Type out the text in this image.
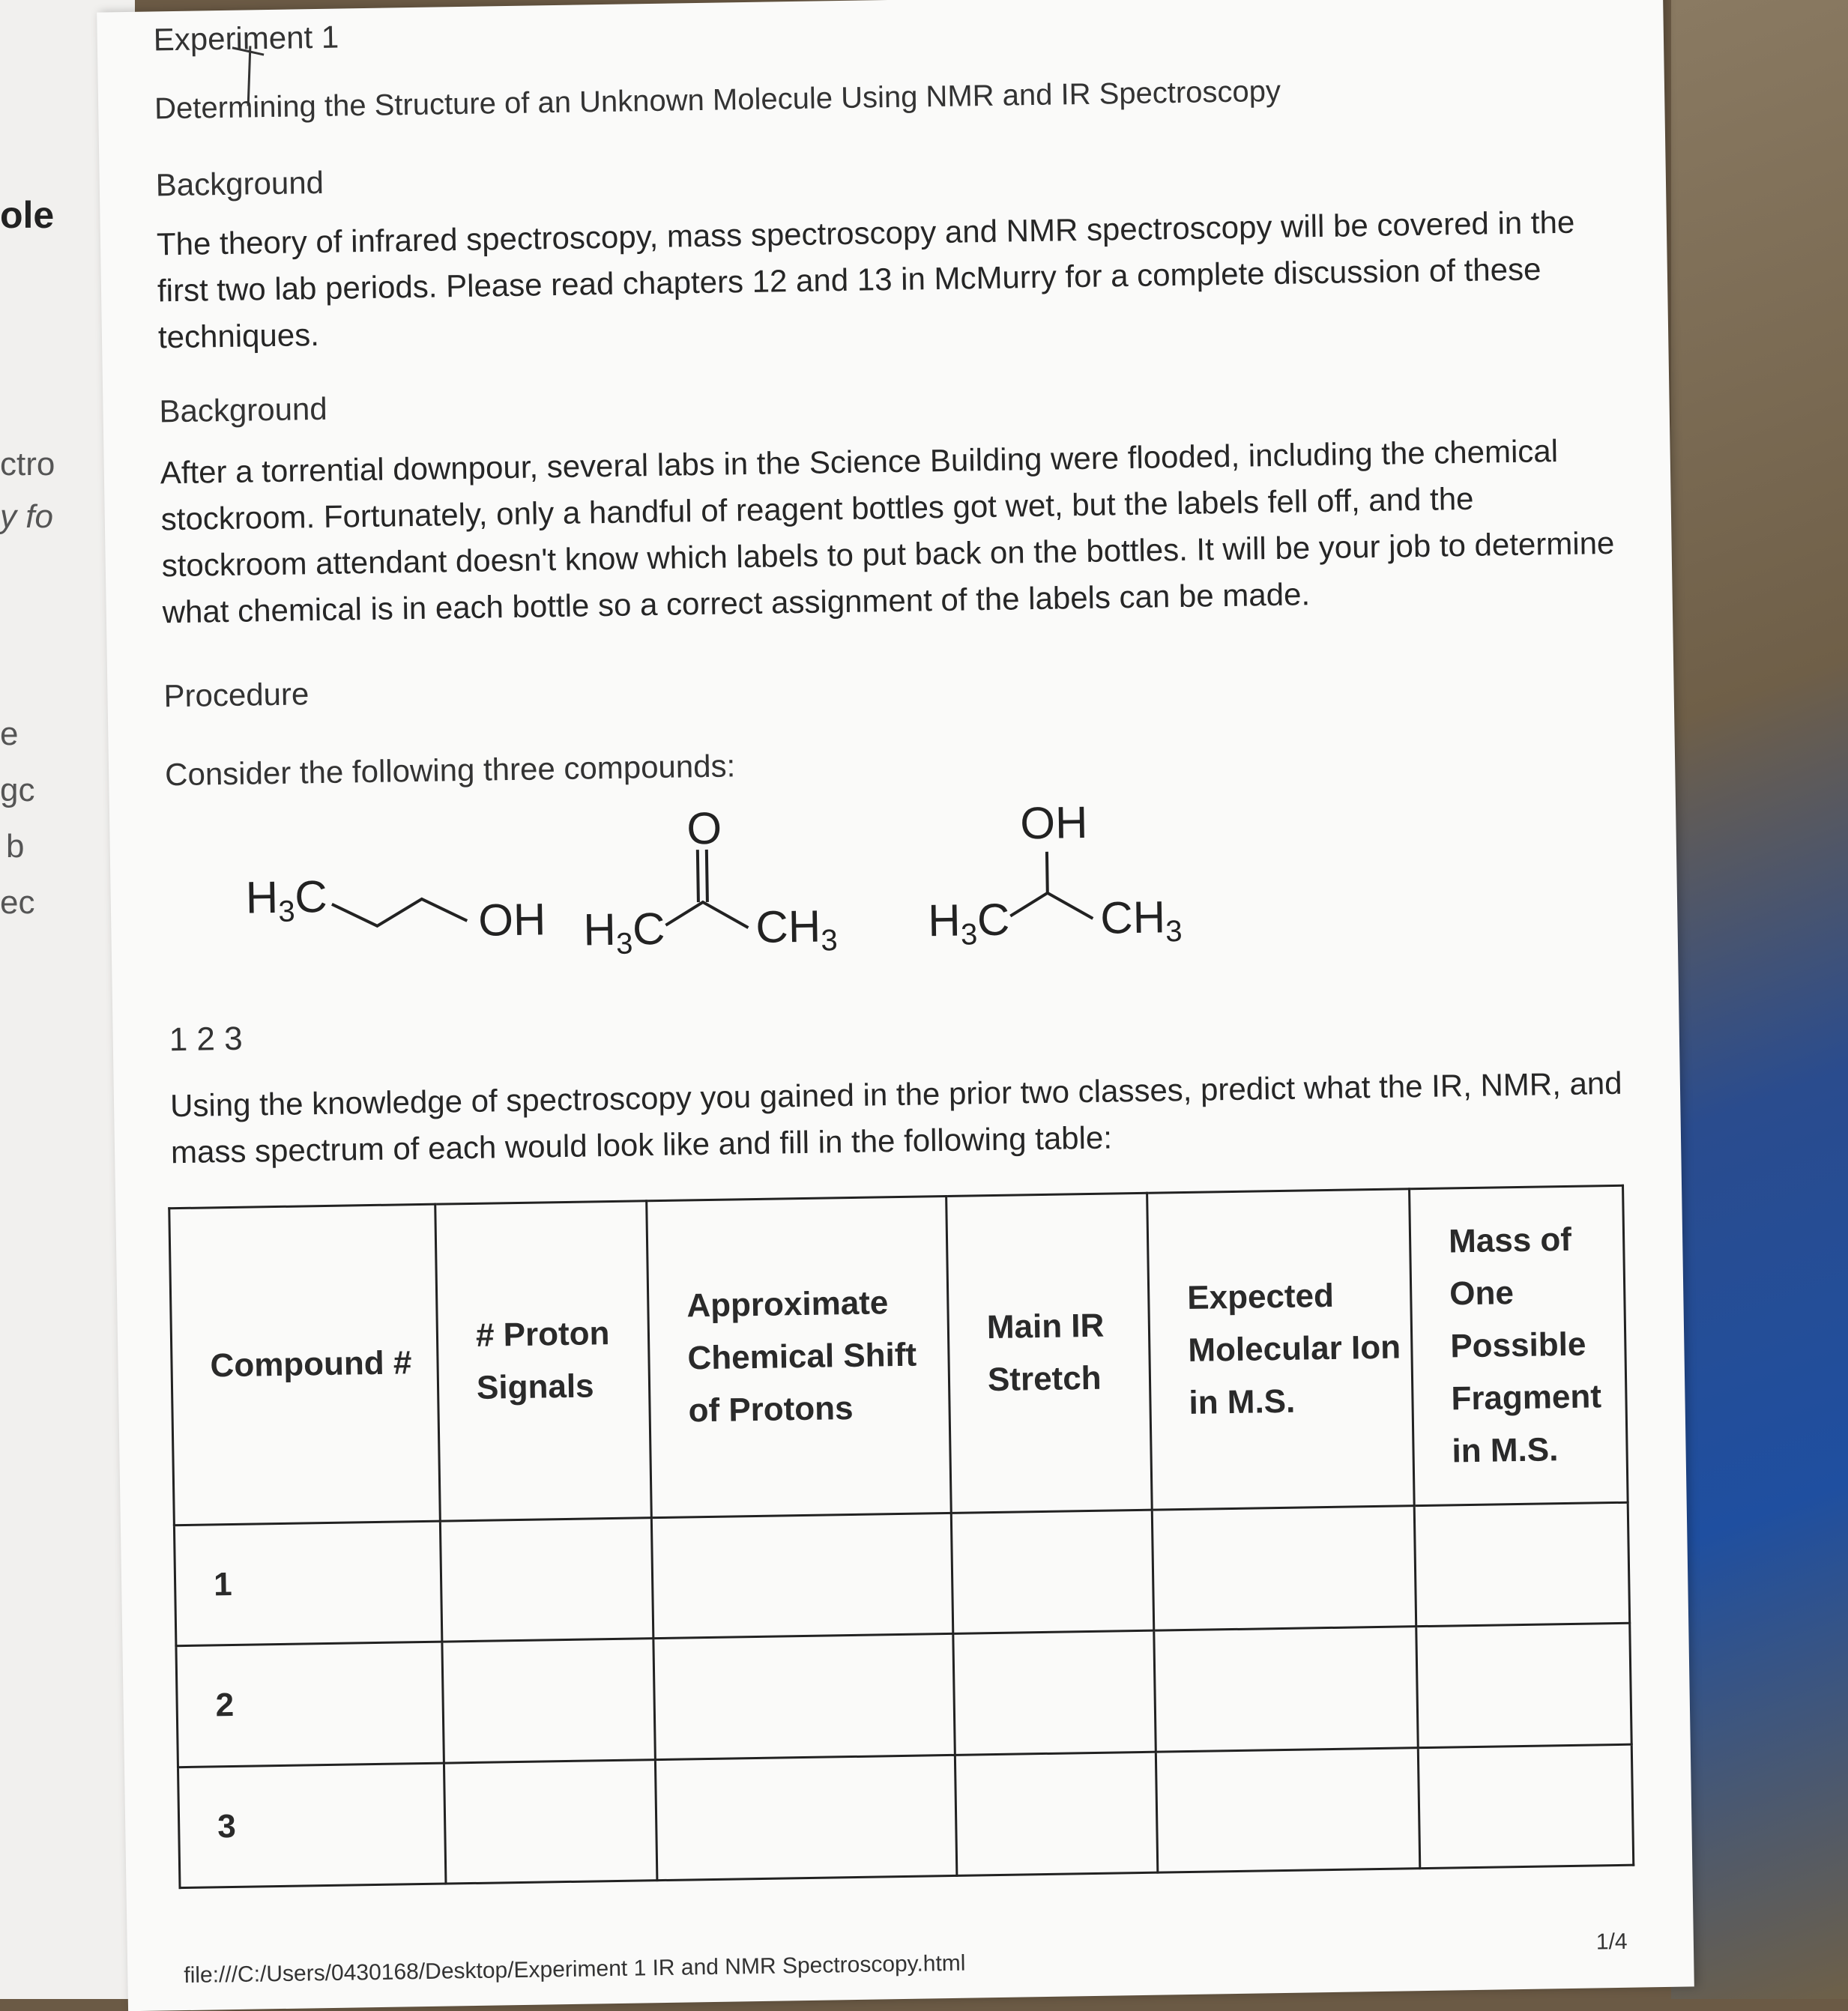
ole
ctro
y fo
e
gc
b
ec
Experiment 1
Determining the Structure of an Unknown Molecule Using NMR and IR Spectroscopy
Background
The theory of infrared spectroscopy, mass spectroscopy and NMR spectroscopy will be covered in the first two lab periods. Please read chapters 12 and 13 in McMurry for a complete discussion of these techniques.
Background
After a torrential downpour, several labs in the Science Building were flooded, including the chemical stockroom. Fortunately, only a handful of reagent bottles got wet, but the labels fell off, and the stockroom attendant doesn't know which labels to put back on the bottles. It will be your job to determine what chemical is in each bottle so a correct assignment of the labels can be made.
Procedure
Consider the following three compounds:
$H_3C$	OH $H_3C$
O
$CH_3$ $H_3C$
OH
$CH_3$
1 2 3
Using the knowledge of spectroscopy you gained in the prior two classes, predict what the IR, NMR, and mass spectrum of each would look like and fill in the following table:
Compound #	# Proton Signals	Approximate Chemical Shift of Protons	Main IR Stretch	Expected Molecular Ion in M.S.	Mass of One Possible Fragment in M.S.
1					
2					
3					
file:///C:/Users/0430168/Desktop/Experiment 1 IR and NMR Spectroscopy.html
1/4
